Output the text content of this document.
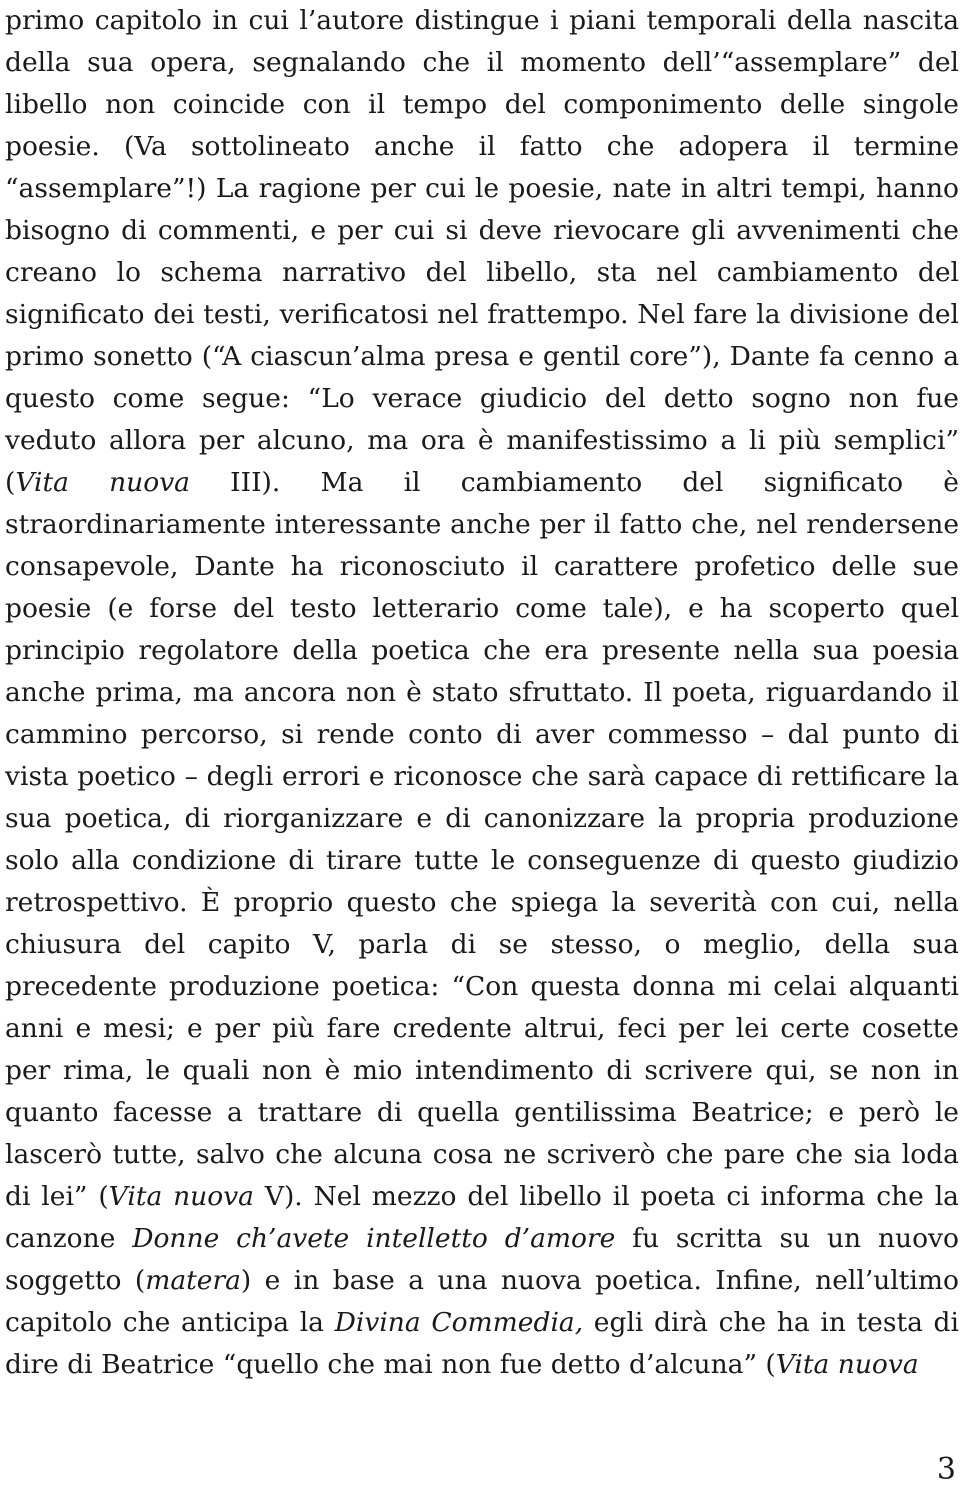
primo capitolo in cui l’autore distingue i piani temporali della nascita della sua opera, segnalando che il momento dell’“assemplare” del libello non coincide con il tempo del componimento delle singole poesie. (Va sottolineato anche il fatto che adopera il termine “assemplare”!) La ragione per cui le poesie, nate in altri tempi, hanno bisogno di commenti, e per cui si deve rievocare gli avvenimenti che creano lo schema narrativo del libello, sta nel cambiamento del significato dei testi, verificatosi nel frattempo. Nel fare la divisione del primo sonetto (“A ciascun’alma presa e gentil core”), Dante fa cenno a questo come segue: “Lo verace giudicio del detto sogno non fue veduto allora per alcuno, ma ora è manifestissimo a li più semplici” (Vita nuova III). Ma il cambiamento del significato è straordinariamente interessante anche per il fatto che, nel rendersene consapevole, Dante ha riconosciuto il carattere profetico delle sue poesie (e forse del testo letterario come tale), e ha scoperto quel principio regolatore della poetica che era presente nella sua poesia anche prima, ma ancora non è stato sfruttato. Il poeta, riguardando il cammino percorso, si rende conto di aver commesso – dal punto di vista poetico – degli errori e riconosce che sarà capace di rettificare la sua poetica, di riorganizzare e di canonizzare la propria produzione solo alla condizione di tirare tutte le conseguenze di questo giudizio retrospettivo. È proprio questo che spiega la severità con cui, nella chiusura del capito V, parla di se stesso, o meglio, della sua precedente produzione poetica: “Con questa donna mi celai alquanti anni e mesi; e per più fare credente altrui, feci per lei certe cosette per rima, le quali non è mio intendimento di scrivere qui, se non in quanto facesse a trattare di quella gentilissima Beatrice; e però le lascerò tutte, salvo che alcuna cosa ne scriverò che pare che sia loda di lei” (Vita nuova V). Nel mezzo del libello il poeta ci informa che la canzone Donne ch’avete intelletto d’amore fu scritta su un nuovo soggetto (matera) e in base a una nuova poetica. Infine, nell’ultimo capitolo che anticipa la Divina Commedia, egli dirà che ha in testa di dire di Beatrice “quello che mai non fue detto d’alcuna” (Vita nuova

3
